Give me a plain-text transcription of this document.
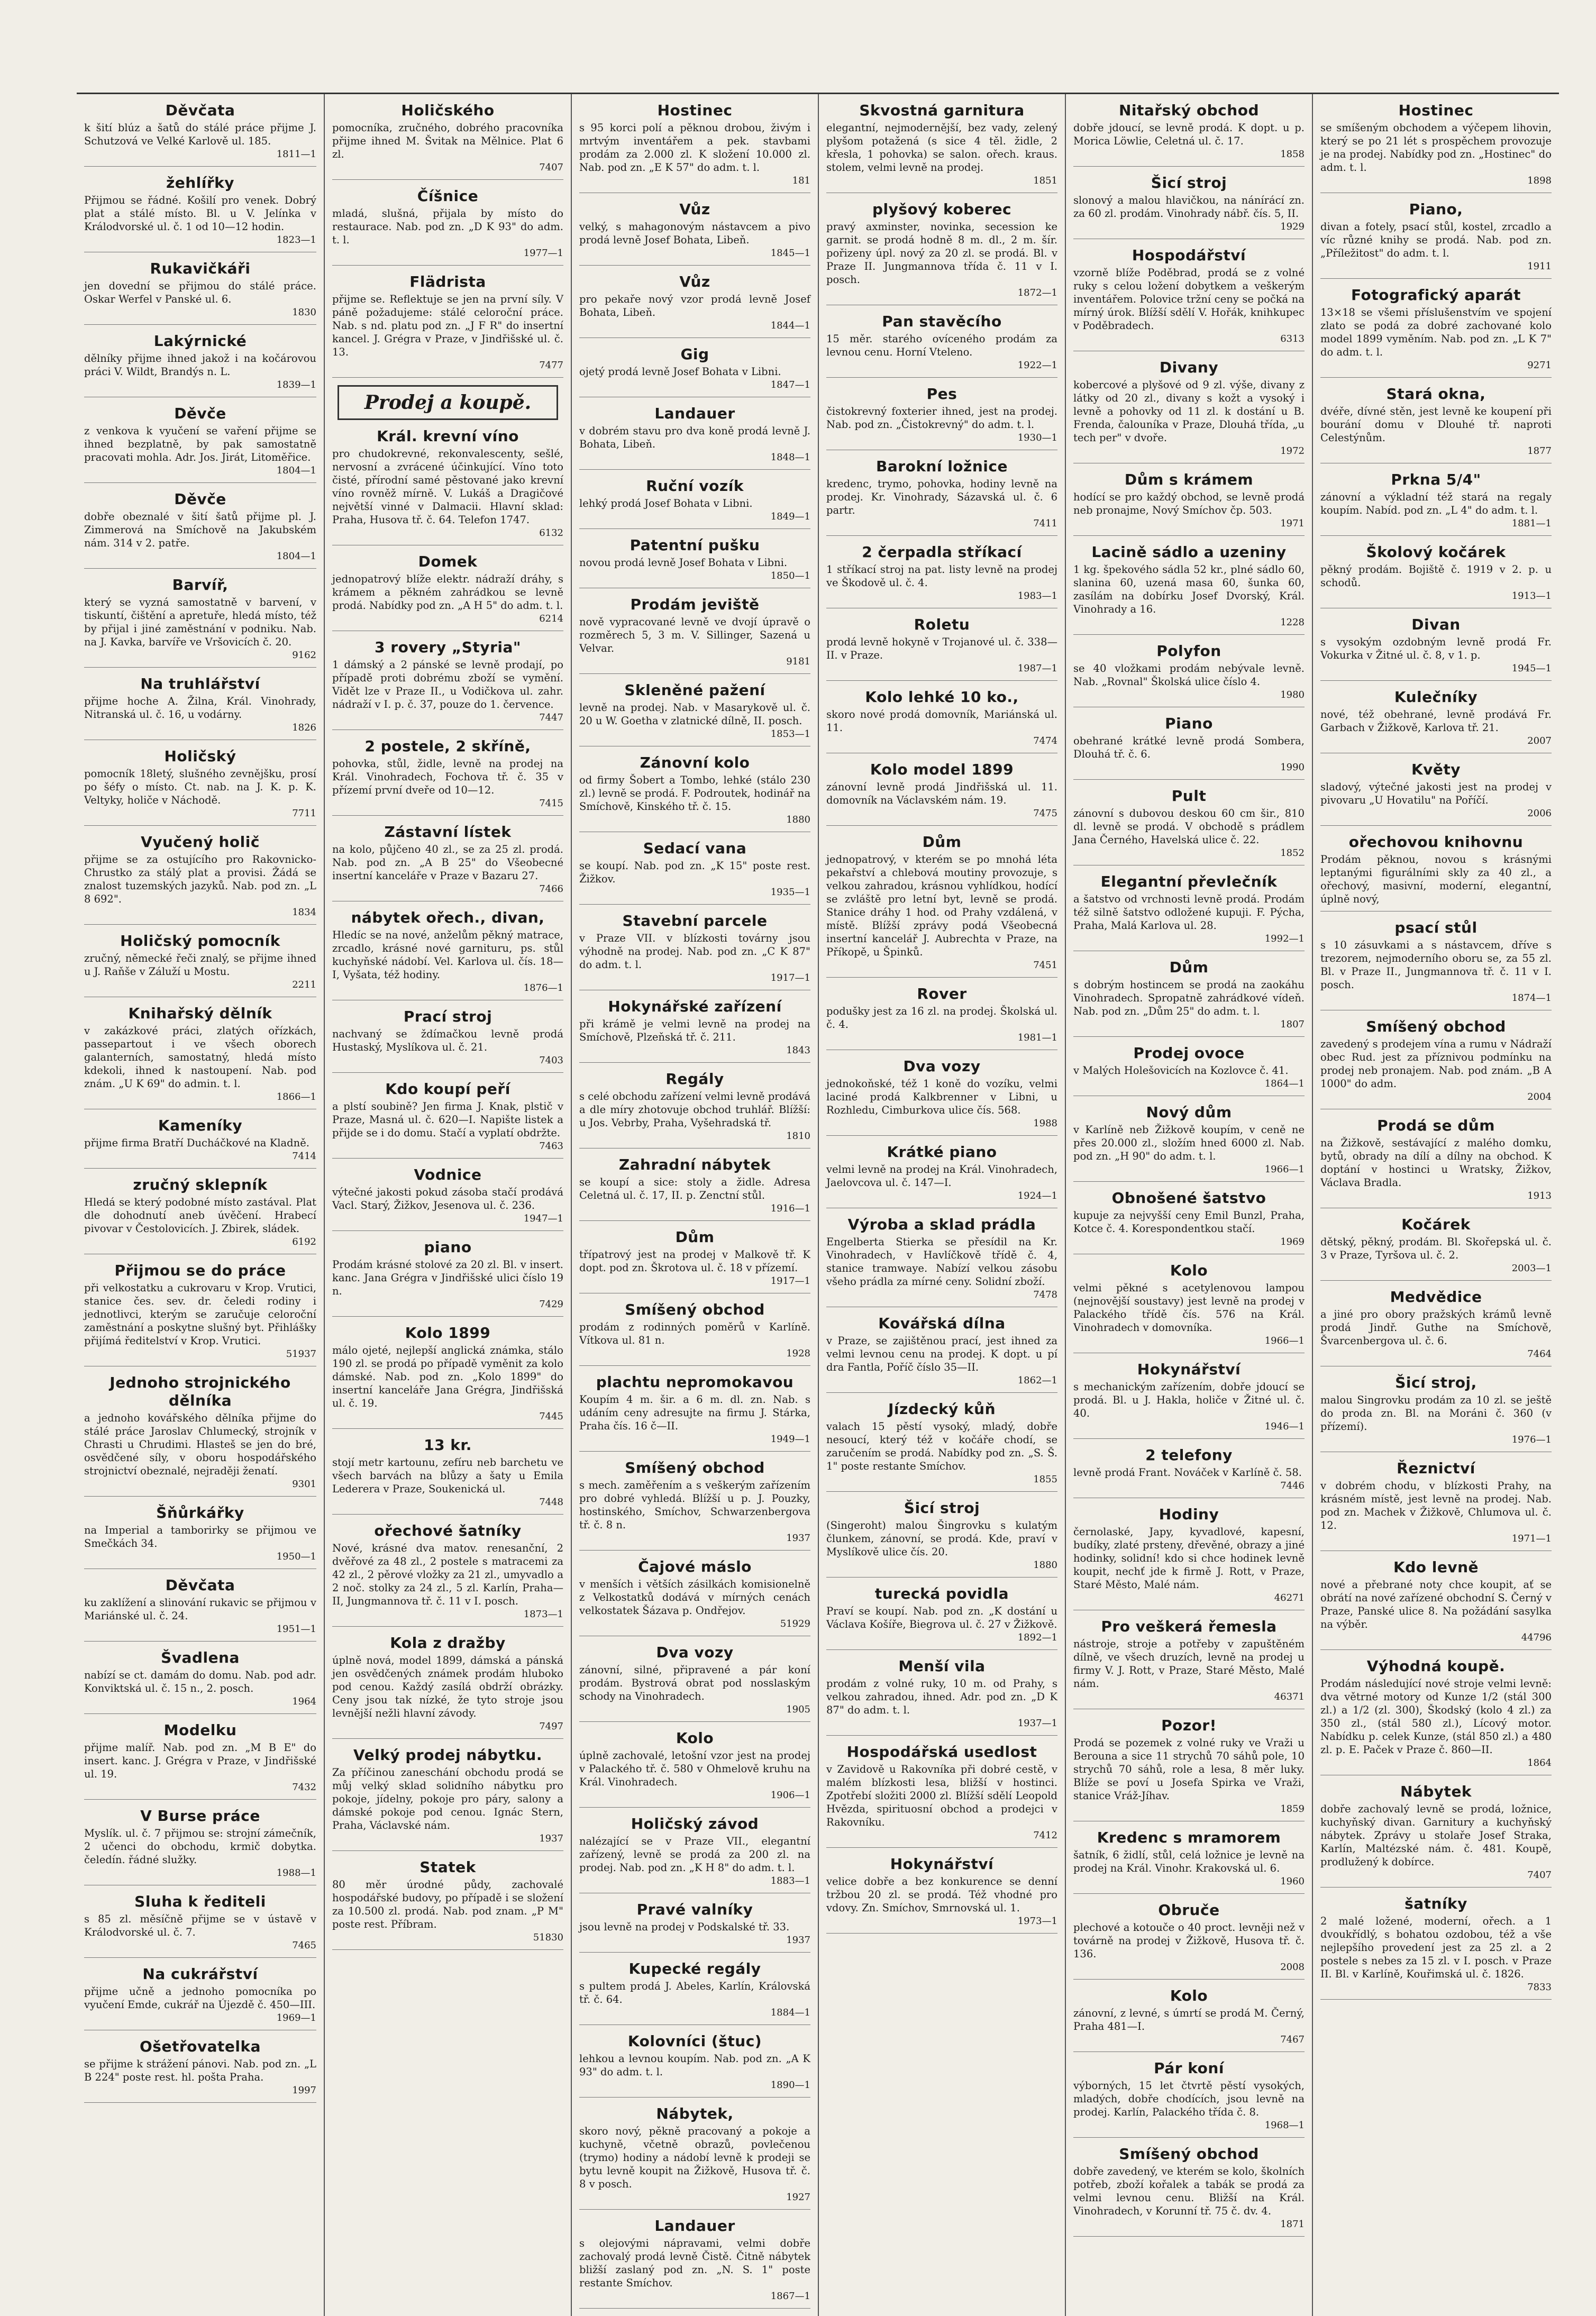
Děvčata
k šití blúz a šatů do stálé práce přijme J. Schutzová ve Velké Karlově ul. 185.
1811—1
žehlířky
Přijmou se řádné. Košilí pro venek. Dobrý plat a stálé místo. Bl. u V. Jelínka v Králodvorské ul. č. 1 od 10—12 hodin.
1823—1
Rukavičkáři
jen dovední se přijmou do stálé práce. Oskar Werfel v Panské ul. 6.
1830
Lakýrnické
dělníky přijme ihned jakož i na kočárovou práci V. Wildt, Brandýs n. L.
1839—1
Děvče
z venkova k vyučení se vaření přijme se ihned bezplatně, by pak samostatně pracovati mohla. Adr. Jos. Jirát, Litoměřice.
1804—1
Děvče
dobře obeznalé v šití šatů přijme pl. J. Zimmerová na Smíchově na Jakubském nám. 314 v 2. patře.
1804—1
Barvíř,
který se vyzná samostatně v barvení, v tiskuntí, čištění a apretuře, hledá místo, též by přijal i jiné zaměstnání v podniku. Nab. na J. Kavka, barvíře ve Vršovicích č. 20.
9162
Na truhlářství
přijme hoche A. Žilna, Král. Vinohrady, Nitranská ul. č. 16, u vodárny.
1826
Holičský
pomocník 18letý, slušného zevnějšku, prosí po šéfy o místo. Ct. nab. na J. K. p. K. Veltyky, holiče v Náchodě.
7711
Vyučený holič
přijme se za ostujícího pro Rakovnicko-Chrustko za stálý plat a provisi. Žádá se znalost tuzemských jazyků. Nab. pod zn. „L 8 692".
1834
Holičský pomocník
zručný, německé řeči znalý, se přijme ihned u J. Raňše v Záluží u Mostu.
2211
Knihařský dělník
v zakázkové práci, zlatých ořízkách, passepartout i ve všech oborech galanterních, samostatný, hledá místo kdekoli, ihned k nastoupení. Nab. pod znám. „U K 69" do admin. t. l.
1866—1
Kameníky
přijme firma Bratří Ducháčkové na Kladně.
7414
zručný sklepník
Hledá se který podobné místo zastával. Plat dle dohodnutí aneb úvěčení. Hrabecí pivovar v Čestolovicích. J. Zbirek, sládek.
6192
Přijmou se do práce
při velkostatku a cukrovaru v Krop. Vrutici, stanice čes. sev. dr. čeledi rodiny i jednotlivci, kterým se zaručuje celoroční zaměstnání a poskytne slušný byt. Přihlášky přijímá ředitelství v Krop. Vrutici.
51937
Jednoho strojnického dělníka
a jednoho kovářského dělníka přijme do stálé práce Jaroslav Chlumecký, strojník v Chrasti u Chrudimi. Hlasteš se jen do bré, osvědčené síly, v oboru hospodářského strojnictví obeznalé, nejraději ženatí.
9301
Šňůrkářky
na Imperial a tamborirky se přijmou ve Smečkách 34.
1950—1
Děvčata
ku zaklížení a slinování rukavic se přijmou v Mariánské ul. č. 24.
1951—1
Švadlena
nabízí se ct. damám do domu. Nab. pod adr. Konviktská ul. č. 15 n., 2. posch.
1964
Modelku
přijme malíř. Nab. pod zn. „M B E" do insert. kanc. J. Grégra v Praze, v Jindřišské ul. 19.
7432
V Burse práce
Myslík. ul. č. 7 přijmou se: strojní zámečník, 2 učenci do obchodu, krmič dobytka. čeledín. řádné služky.
1988—1
Sluha k řediteli
s 85 zl. měsíčně přijme se v ústavě v Králodvorské ul. č. 7.
7465
Na cukrářství
přijme učně a jednoho pomocníka po vyučení Emde, cukrář na Újezdě č. 450—III.
1969—1
Ošetřovatelka
se přijme k strážení pánovi. Nab. pod zn. „L B 224" poste rest. hl. pošta Praha.
1997
Holičského
pomocníka, zručného, dobrého pracovníka přijme ihned M. Švitak na Mělnice. Plat 6 zl.
7407
Číšnice
mladá, slušná, přijala by místo do restaurace. Nab. pod zn. „D K 93" do adm. t. l.
1977—1
Flädrista
přijme se. Reflektuje se jen na první síly. V páně požadujeme: stálé celoroční práce. Nab. s nd. platu pod zn. „J F R" do insertní kancel. J. Grégra v Praze, v Jindřišské ul. č. 13.
7477
Prodej a koupě.
Král. krevní víno
pro chudokrevné, rekonvalescenty, sešlé, nervosní a zvrácené účinkující. Víno toto čisté, přírodní samé pěstované jako krevní víno rovněž mírně. V. Lukáš a Dragičové největší vinné v Dalmacii. Hlavní sklad: Praha, Husova tř. č. 64. Telefon 1747.
6132
Domek
jednopatrový blíže elektr. nádraží dráhy, s krámem a pěkném zahrádkou se levně prodá. Nabídky pod zn. „A H 5" do adm. t. l.
6214
3 rovery „Styria"
1 dámský a 2 pánské se levně prodají, po případě proti dobrému zboží se vymění. Vidět lze v Praze II., u Vodičkova ul. zahr. nádraží v I. p. č. 37, pouze do 1. července.
7447
2 postele, 2 skříně,
pohovka, stůl, židle, levně na prodej na Král. Vinohradech, Fochova tř. č. 35 v přízemí první dveře od 10—12.
7415
Zástavní lístek
na kolo, půjčeno 40 zl., se za 25 zl. prodá. Nab. pod zn. „A B 25" do Všeobecné insertní kanceláře v Praze v Bazaru 27.
7466
nábytek ořech., divan,
Hledíc se na nové, anželům pěkný matrace, zrcadlo, krásné nové garnituru, ps. stůl kuchyňské nádobí. Vel. Karlova ul. čís. 18—I, Vyšata, též hodiny.
1876—1
Prací stroj
nachvaný se ždímačkou levně prodá Hustaský, Myslíkova ul. č. 21.
7403
Kdo koupí peří
a plstí soubině? Jen firma J. Knak, plstič v Praze, Masná ul. č. 620—I. Napište listek a přijde se i do domu. Stačí a vyplatí obdržte.
7463
Vodnice
výtečné jakosti pokud zásoba stačí prodává Vacl. Starý, Žižkov, Jesenova ul. č. 236.
1947—1
piano
Prodám krásné stolové za 20 zl. Bl. v insert. kanc. Jana Grégra v Jindřišské ulici číslo 19 n.
7429
Kolo 1899
málo ojeté, nejlepší anglická známka, stálo 190 zl. se prodá po případě vyměnit za kolo dámské. Nab. pod zn. „Kolo 1899" do insertní kanceláře Jana Grégra, Jindřišská ul. č. 19.
7445
13 kr.
stojí metr kartounu, zefíru neb barchetu ve všech barvách na blůzy a šaty u Emila Lederera v Praze, Soukenická ul.
7448
ořechové šatníky
Nové, krásné dva matov. renesanční, 2 dvěřové za 48 zl., 2 postele s matracemi za 42 zl., 2 pěrové vložky za 21 zl., umyvadlo a 2 noč. stolky za 24 zl., 5 zl. Karlín, Praha—II, Jungmannova tř. č. 11 v I. posch.
1873—1
Kola z dražby
úplně nová, model 1899, dámská a pánská jen osvědčených známek prodám hluboko pod cenou. Každý zasílá obdrží obrázky. Ceny jsou tak nízké, že tyto stroje jsou levnější nežli hlavní závody.
7497
Velký prodej nábytku.
Za příčinou zaneschání obchodu prodá se můj velký sklad solidního nábytku pro pokoje, jídelny, pokoje pro páry, salony a dámské pokoje pod cenou. Ignác Stern, Praha, Václavské nám.
1937
Statek
80 měr úrodné půdy, zachovalé hospodářské budovy, po případě i se složení za 10.500 zl. prodá. Nab. pod znam. „P M" poste rest. Příbram.
51830
Hostinec
s 95 korci polí a pěknou drobou, živým i mrtvým inventářem a pek. stavbami prodám za 2.000 zl. K složení 10.000 zl. Nab. pod zn. „E K 57" do adm. t. l.
181
Vůz
velký, s mahagonovým nástavcem a pivo prodá levně Josef Bohata, Libeň.
1845—1
Vůz
pro pekaře nový vzor prodá levně Josef Bohata, Libeň.
1844—1
Gig
ojetý prodá levně Josef Bohata v Libni.
1847—1
Landauer
v dobrém stavu pro dva koně prodá levně J. Bohata, Libeň.
1848—1
Ruční vozík
lehký prodá Josef Bohata v Libni.
1849—1
Patentní pušku
novou prodá levně Josef Bohata v Libni.
1850—1
Prodám jeviště
nově vypracované levně ve dvojí úpravě o rozměrech 5, 3 m. V. Sillinger, Sazená u Velvar.
9181
Skleněné pažení
levně na prodej. Nab. v Masarykově ul. č. 20 u W. Goetha v zlatnické dílně, II. posch.
1853—1
Zánovní kolo
od firmy Šobert a Tombo, lehké (stálo 230 zl.) levně se prodá. F. Podroutek, hodinář na Smíchově, Kinského tř. č. 15.
1880
Sedací vana
se koupí. Nab. pod zn. „K 15" poste rest. Žižkov.
1935—1
Stavební parcele
v Praze VII. v blízkosti továrny jsou výhodně na prodej. Nab. pod zn. „C K 87" do adm. t. l.
1917—1
Hokynářské zařízení
při krámě je velmi levně na prodej na Smíchově, Plzeňská tř. č. 211.
1843
Regály
s celé obchodu zařízení velmi levně prodává a dle míry zhotovuje obchod truhlář. Blížší: u Jos. Vebrby, Praha, Vyšehradská tř.
1810
Zahradní nábytek
se koupí a sice: stoly a židle. Adresa Celetná ul. č. 17, II. p. Zenctní stůl.
1916—1
Dům
třípatrový jest na prodej v Malkově tř. K dopt. pod zn. Škrotova ul. č. 18 v přízemí.
1917—1
Smíšený obchod
prodám z rodinných poměrů v Karlíně. Vítkova ul. 81 n.
1928
plachtu nepromokavou
Koupím 4 m. šir. a 6 m. dl. zn. Nab. s udáním ceny adresujte na firmu J. Stárka, Praha čís. 16 č—II.
1949—1
Smíšený obchod
s mech. zaměřením a s veškerým zařízením pro dobré vyhledá. Blížší u p. J. Pouzky, hostinského, Smíchov, Schwarzenbergova tř. č. 8 n.
1937
Čajové máslo
v menších i větších zásilkách komisionelně z Velkostatků dodává v mírných cenách velkostatek Šázava p. Ondřejov.
51929
Dva vozy
zánovní, silné, připravené a pár koní prodám. Bystrová obrat pod nosslaským schody na Vinohradech.
1905
Kolo
úplně zachovalé, letošní vzor jest na prodej v Palackého tř. č. 580 v Ohmelově kruhu na Král. Vinohradech.
1906—1
Holičský závod
nalézající se v Praze VII., elegantní zařízený, levně se prodá za 200 zl. na prodej. Nab. pod zn. „K H 8" do adm. t. l.
1883—1
Pravé valníky
jsou levně na prodej v Podskalské tř. 33.
1937
Kupecké regály
s pultem prodá J. Abeles, Karlín, Královská tř. č. 64.
1884—1
Kolovníci (štuc)
lehkou a levnou koupím. Nab. pod zn. „A K 93" do adm. t. l.
1890—1
Nábytek,
skoro nový, pěkně pracovaný a pokoje a kuchyně, včetně obrazů, povlečenou (trymo) hodiny a nádobí levně k prodeji se bytu levně koupit na Žižkově, Husova tř. č. 8 v posch.
1927
Landauer
s olejovými nápravami, velmi dobře zachovalý prodá levně Čistě. Čitně nábytek bližší zaslaný pod zn. „N. S. 1" poste restante Smíchov.
1867—1
Skvostná garnitura
elegantní, nejmodernější, bez vady, zelený plyšom potažená (s sice 4 těl. židle, 2 křesla, 1 pohovka) se salon. ořech. kraus. stolem, velmi levně na prodej.
1851
plyšový koberec
pravý axminster, novinka, secession ke garnit. se prodá hodně 8 m. dl., 2 m. šír. pořizeny úpl. nový za 20 zl. se prodá. Bl. v Praze II. Jungmannova třída č. 11 v I. posch.
1872—1
Pan stavěcího
15 měr. starého ovíceného prodám za levnou cenu. Horní Vteleno.
1922—1
Pes
čistokrevný foxterier ihned, jest na prodej. Nab. pod zn. „Čistokrevný" do adm. t. l.
1930—1
Barokní ložnice
kredenc, trymo, pohovka, hodiny levně na prodej. Kr. Vinohrady, Sázavská ul. č. 6 partr.
7411
2 čerpadla stříkací
1 stříkací stroj na pat. listy levně na prodej ve Škodově ul. č. 4.
1983—1
Roletu
prodá levně hokyně v Trojanové ul. č. 338—II. v Praze.
1987—1
Kolo lehké 10 ko.,
skoro nové prodá domovník, Mariánská ul. 11.
7474
Kolo model 1899
zánovní levně prodá Jindřišská ul. 11. domovník na Václavském nám. 19.
7475
Dům
jednopatrový, v kterém se po mnohá léta pekařství a chlebová moutiny provozuje, s velkou zahradou, krásnou vyhlídkou, hodící se zvláště pro letní byt, levně se prodá. Stanice dráhy 1 hod. od Prahy vzdálená, v místě. Blížší zprávy podá Všeobecná insertní kancelář J. Aubrechta v Praze, na Příkopě, u Špinků.
7451
Rover
podušky jest za 16 zl. na prodej. Školská ul. č. 4.
1981—1
Dva vozy
jednokoňské, též 1 koně do vozíku, velmi laciné prodá Kalkbrenner v Libni, u Rozhledu, Cimburkova ulice čís. 568.
1988
Krátké piano
velmi levně na prodej na Král. Vinohradech, Jaelovcova ul. č. 147—I.
1924—1
Výroba a sklad prádla
Engelberta Stierka se přesídil na Kr. Vinohradech, v Havlíčkově třídě č. 4, stanice tramwaye. Nabízí velkou zásobu všeho prádla za mírné ceny. Solidní zboží.
7478
Kovářská dílna
v Praze, se zajištěnou prací, jest ihned za velmi levnou cenu na prodej. K dopt. u pí dra Fantla, Poříč číslo 35—II.
1862—1
Jízdecký kůň
valach 15 pěstí vysoký, mladý, dobře nesoucí, který též v kočáře chodí, se zaručením se prodá. Nabídky pod zn. „S. Š. 1" poste restante Smíchov.
1855
Šicí stroj
(Singeroht) malou Šingrovku s kulatým člunkem, zánovní, se prodá. Kde, praví v Myslíkově ulice čís. 20.
1880
turecká povidla
Praví se koupí. Nab. pod zn. „K dostání u Václava Košíře, Biegrova ul. č. 27 v Žižkově.
1892—1
Menší vila
prodám z volné ruky, 10 m. od Prahy, s velkou zahradou, ihned. Adr. pod zn. „D K 87" do adm. t. l.
1937—1
Hospodářská usedlost
v Zavidově u Rakovníka při dobré cestě, v malém blízkosti lesa, bližší v hostinci. Zpotřebí složiti 2000 zl. Blížší sdělí Leopold Hvězda, spirituosní obchod a prodejci v Rakovníku.
7412
Hokynářství
velice dobře a bez konkurence se denní tržbou 20 zl. se prodá. Též vhodné pro vdovy. Zn. Smíchov, Smrnovská ul. 1.
1973—1
Nitařský obchod
dobře jdoucí, se levně prodá. K dopt. u p. Morica Löwlie, Celetná ul. č. 17.
1858
Šicí stroj
slonový a malou hlavičkou, na nánírácí zn. za 60 zl. prodám. Vinohrady nábř. čís. 5, II.
1929
Hospodářství
vzorně blíže Poděbrad, prodá se z volné ruky s celou ložení dobytkem a veškerým inventářem. Polovice tržní ceny se počká na mírný úrok. Blížší sdělí V. Hořák, knihkupec v Poděbradech.
6313
Divany
kobercové a plyšové od 9 zl. výše, divany z látky od 20 zl., divany s kožt a vysoký i levně a pohovky od 11 zl. k dostání u B. Frenda, čalouníka v Praze, Dlouhá třída, „u tech per" v dvoře.
1972
Dům s krámem
hodící se pro každý obchod, se levně prodá neb pronajme, Nový Smíchov čp. 503.
1971
Lacině sádlo a uzeniny
1 kg. špekového sádla 52 kr., plné sádlo 60, slanina 60, uzená masa 60, šunka 60, zasílám na dobírku Josef Dvorský, Král. Vinohrady a 16.
1228
Polyfon
se 40 vložkami prodám nebývale levně. Nab. „Rovnal" Školská ulice číslo 4.
1980
Piano
obehrané krátké levně prodá Sombera, Dlouhá tř. č. 6.
1990
Pult
zánovní s dubovou deskou 60 cm šir., 810 dl. levně se prodá. V obchodě s prádlem Jana Černého, Havelská ulice č. 22.
1852
Elegantní převlečník
a šatstvo od vrchnosti levně prodá. Prodám též silně šatstvo odložené kupuji. F. Pýcha, Praha, Malá Karlova ul. 28.
1992—1
Dům
s dobrým hostincem se prodá na zaokáhu Vinohradech. Spropatně zahrádkové vídeň. Nab. pod zn. „Dům 25" do adm. t. l.
1807
Prodej ovoce
v Malých Holešovicích na Kozlovce č. 41.
1864—1
Nový dům
v Karlíně neb Žižkově koupím, v ceně ne přes 20.000 zl., složím hned 6000 zl. Nab. pod zn. „H 90" do adm. t. l.
1966—1
Obnošené šatstvo
kupuje za nejvyšší ceny Emil Bunzl, Praha, Kotce č. 4. Korespondentkou stačí.
1969
Kolo
velmi pěkné s acetylenovou lampou (nejnovější soustavy) jest levně na prodej v Palackého třídě čís. 576 na Král. Vinohradech v domovníka.
1966—1
Hokynářství
s mechanickým zařízením, dobře jdoucí se prodá. Bl. u J. Hakla, holiče v Žitné ul. č. 40.
1946—1
2 telefony
levně prodá Frant. Nováček v Karlíně č. 58.
7446
Hodiny
černolaské, Japy, kyvadlové, kapesní, budíky, zlaté prsteny, dřevěné, obrazy a jiné hodinky, solidní! kdo si chce hodinek levně koupit, nechť jde k firmě J. Rott, v Praze, Staré Město, Malé nám.
46271
Pro veškerá řemesla
nástroje, stroje a potřeby v zapuštěném dílně, ve všech druzích, levně na prodej u firmy V. J. Rott, v Praze, Staré Město, Malé nám.
46371
Pozor!
Prodá se pozemek z volné ruky ve Vraži u Berouna a sice 11 strychů 70 sáhů pole, 10 strychů 70 sáhů, role a lesa, 8 měr luky. Blíže se poví u Josefa Spirka ve Vraži, stanice Vráž-Jíhav.
1859
Kredenc s mramorem
šatník, 6 židlí, stůl, celá ložnice je levně na prodej na Král. Vinohr. Krakovská ul. 6.
1960
Obruče
plechové a kotouče o 40 proct. levněji než v továrně na prodej v Žižkově, Husova tř. č. 136.
2008
Kolo
zánovní, z levné, s úmrtí se prodá M. Černý, Praha 481—I.
7467
Pár koní
výborných, 15 let čtvrtě pěstí vysokých, mladých, dobře chodících, jsou levně na prodej. Karlín, Palackého třída č. 8.
1968—1
Smíšený obchod
dobře zavedený, ve kterém se kolo, školních potřeb, zboží kořalek a tabák se prodá za velmi levnou cenu. Bližší na Král. Vinohradech, v Korunní tř. 75 č. dv. 4.
1871
Hostinec
se smíšeným obchodem a výčepem lihovin, který se po 21 lét s prospěchem provozuje je na prodej. Nabídky pod zn. „Hostinec" do adm. t. l.
1898
Piano,
divan a fotely, psací stůl, kostel, zrcadlo a víc různé knihy se prodá. Nab. pod zn. „Příležitost" do adm. t. l.
1911
Fotografický aparát
13×18 se všemi příslušenstvím ve spojení zlato se podá za dobré zachované kolo model 1899 vyměním. Nab. pod zn. „L K 7" do adm. t. l.
9271
Stará okna,
dvéře, dívné stěn, jest levně ke koupení při bourání domu v Dlouhé tř. naproti Celestýnům.
1877
Prkna 5/4"
zánovní a výkladní též stará na regaly koupím. Nabíd. pod zn. „L 4" do adm. t. l.
1881—1
Školový kočárek
pěkný prodám. Bojiště č. 1919 v 2. p. u schodů.
1913—1
Divan
s vysokým ozdobným levně prodá Fr. Vokurka v Žitné ul. č. 8, v 1. p.
1945—1
Kulečníky
nové, též obehrané, levně prodává Fr. Garbach v Žižkově, Karlova tř. 21.
2007
Květy
sladový, výtečné jakosti jest na prodej v pivovaru „U Hovatilu" na Poříčí.
2006
ořechovou knihovnu
Prodám pěknou, novou s krásnými leptanými figurálními skly za 40 zl., a ořechový, masivní, moderní, elegantní, úplně nový,
psací stůl
s 10 zásuvkami a s nástavcem, dříve s trezorem, nejmoderního oboru se, za 55 zl. Bl. v Praze II., Jungmannova tř. č. 11 v I. posch.
1874—1
Smíšený obchod
zavedený s prodejem vína a rumu v Nádraží obec Rud. jest za příznivou podmínku na prodej neb pronajem. Nab. pod znám. „B A 1000" do adm.
2004
Prodá se dům
na Žižkově, sestávající z malého domku, bytů, obrady na dílí a dílny na obchod. K doptání v hostinci u Wratsky, Žižkov, Václava Bradla.
1913
Kočárek
dětský, pěkný, prodám. Bl. Skořepská ul. č. 3 v Praze, Tyršova ul. č. 2.
2003—1
Medvědice
a jiné pro obory pražských krámů levně prodá Jindř. Guthe na Smíchově, Švarcenbergova ul. č. 6.
7464
Šicí stroj,
malou Singrovku prodám za 10 zl. se ještě do proda zn. Bl. na Moráni č. 360 (v přízemí).
1976—1
Řeznictví
v dobrém chodu, v blízkosti Prahy, na krásném místě, jest levně na prodej. Nab. pod zn. Machek v Žižkově, Chlumova ul. č. 12.
1971—1
Kdo levně
nové a přebrané noty chce koupit, ať se obrátí na nové zařízené obchodní S. Černý v Praze, Panské ulice 8. Na požádání sasylka na výběr.
44796
Výhodná koupě.
Prodám následující nové stroje velmi levně: dva větrné motory od Kunze 1/2 (stál 300 zl.) a 1/2 (zl. 300), Škodský (kolo 4 zl.) za 350 zl., (stál 580 zl.), Lícový motor. Nabídku p. celek Kunze, (stál 850 zl.) a 480 zl. p. E. Paček v Praze č. 860—II.
1864
Nábytek
dobře zachovalý levně se prodá, ložnice, kuchyňský divan. Garnitury a kuchyňský nábytek. Zprávy u stolaře Josef Straka, Karlín, Maltézské nám. č. 481. Koupě, prodlužený k dobírce.
7407
šatníky
2 malé ložené, moderní, ořech. a 1 dvoukřídlý, s bohatou ozdobou, též a vše nejlepšího provedení jest za 25 zl. a 2 postele s nebes za 15 zl. v I. posch. v Praze II. Bl. v Karlíně, Kouřimská ul. č. 1826.
7833
